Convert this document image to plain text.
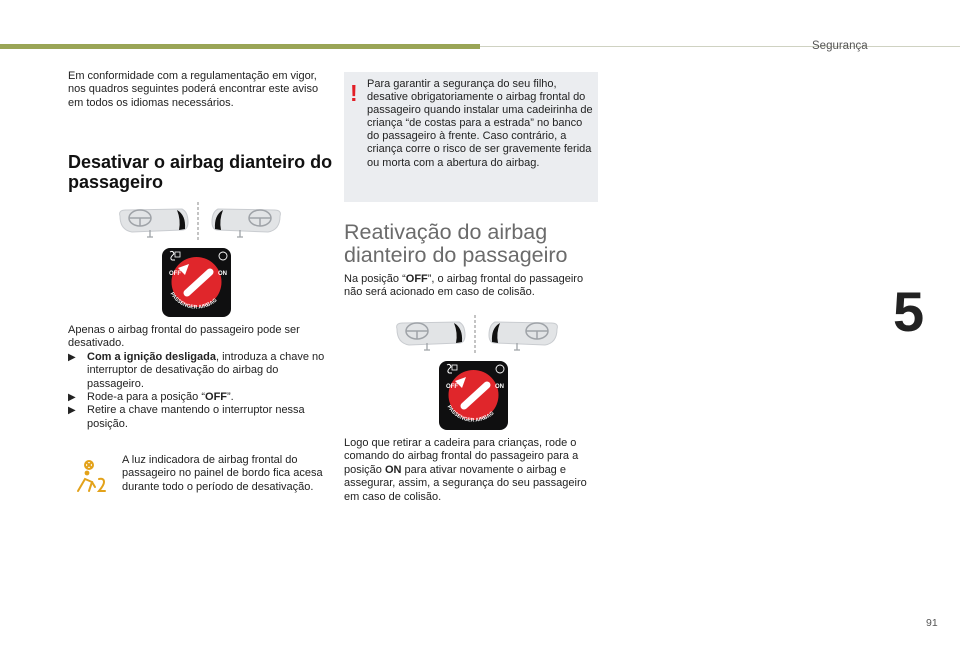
Segurança
5
91
Em conformidade com a regulamentação em vigor, nos quadros seguintes poderá encontrar este aviso em todos os idiomas necessários.
Desativar o airbag dianteiro do passageiro
OFF	ON
PASSENGER AIRBAG
Apenas o airbag frontal do passageiro pode ser desativado.
▶	Com a ignição desligada, introduza a chave no interruptor de desativação do airbag do passageiro.
▶	Rode-a para a posição “OFF”.
▶	Retire a chave mantendo o interruptor nessa posição.
A luz indicadora de airbag frontal do passageiro no painel de bordo fica acesa durante todo o período de desativação.
! Para garantir a segurança do seu filho, desative obrigatoriamente o airbag frontal do passageiro quando instalar uma cadeirinha de criança “de costas para a estrada” no banco do passageiro à frente. Caso contrário, a criança corre o risco de ser gravemente ferida ou morta com a abertura do airbag.
Reativação do airbag dianteiro do passageiro
Na posição “OFF”, o airbag frontal do passageiro não será acionado em caso de colisão.
OFF	ON
PASSENGER AIRBAG
Logo que retirar a cadeira para crianças, rode o comando do airbag frontal do passageiro para a posição ON para ativar novamente o airbag e assegurar, assim, a segurança do seu passageiro em caso de colisão.
